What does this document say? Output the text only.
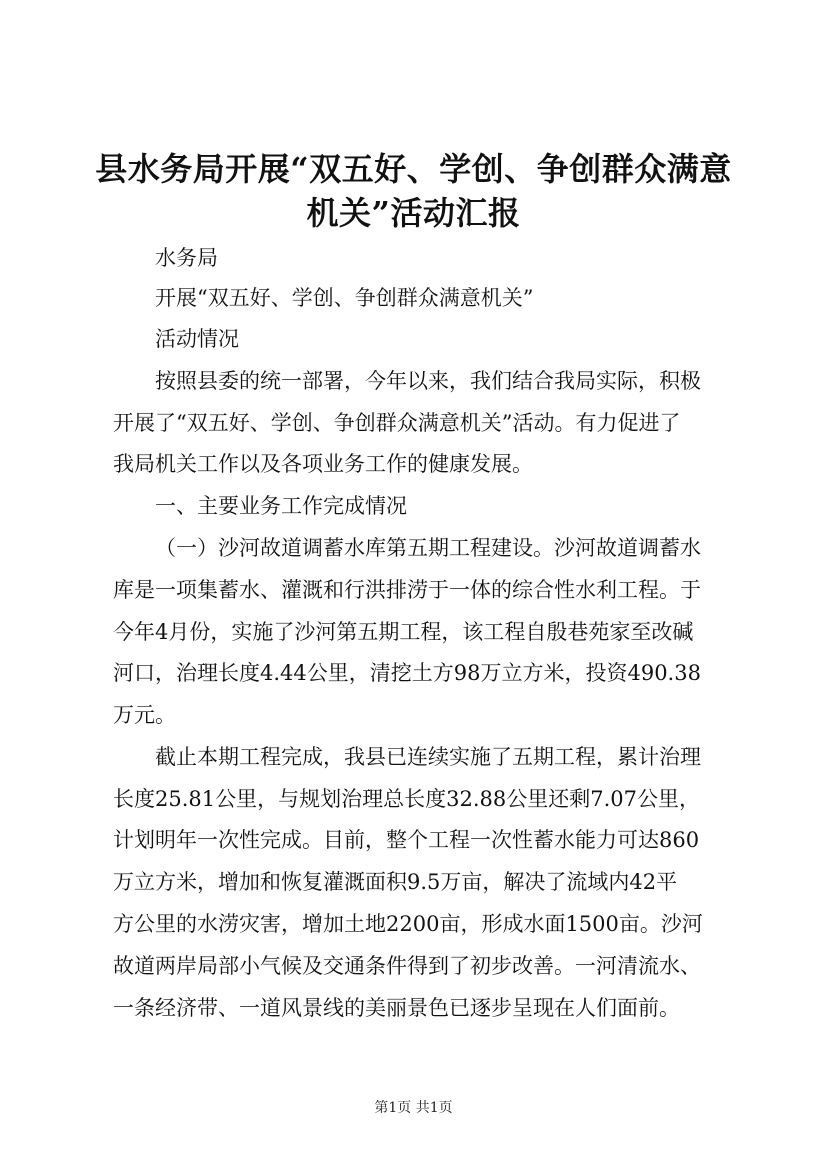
县水务局开展“双五好、学创、争创群众满意
机关”活动汇报

水务局

开展“双五好、学创、争创群众满意机关”

活动情况

按照县委的统一部署，今年以来，我们结合我局实际，积极

开展了“双五好、学创、争创群众满意机关”活动。有力促进了

我局机关工作以及各项业务工作的健康发展。

一、主要业务工作完成情况

（一）沙河故道调蓄水库第五期工程建设。沙河故道调蓄水

库是一项集蓄水、灌溉和行洪排涝于一体的综合性水利工程。于

今年4月份，实施了沙河第五期工程，该工程自殷巷苑家至改碱

河口，治理长度4.44公里，清挖土方98万立方米，投资490.38

万元。

截止本期工程完成，我县已连续实施了五期工程，累计治理

长度25.81公里，与规划治理总长度32.88公里还剩7.07公里，

计划明年一次性完成。目前，整个工程一次性蓄水能力可达860

万立方米，增加和恢复灌溉面积9.5万亩，解决了流域内42平

方公里的水涝灾害，增加土地2200亩，形成水面1500亩。沙河

故道两岸局部小气候及交通条件得到了初步改善。一河清流水、

一条经济带、一道风景线的美丽景色已逐步呈现在人们面前。

第1页 共1页
